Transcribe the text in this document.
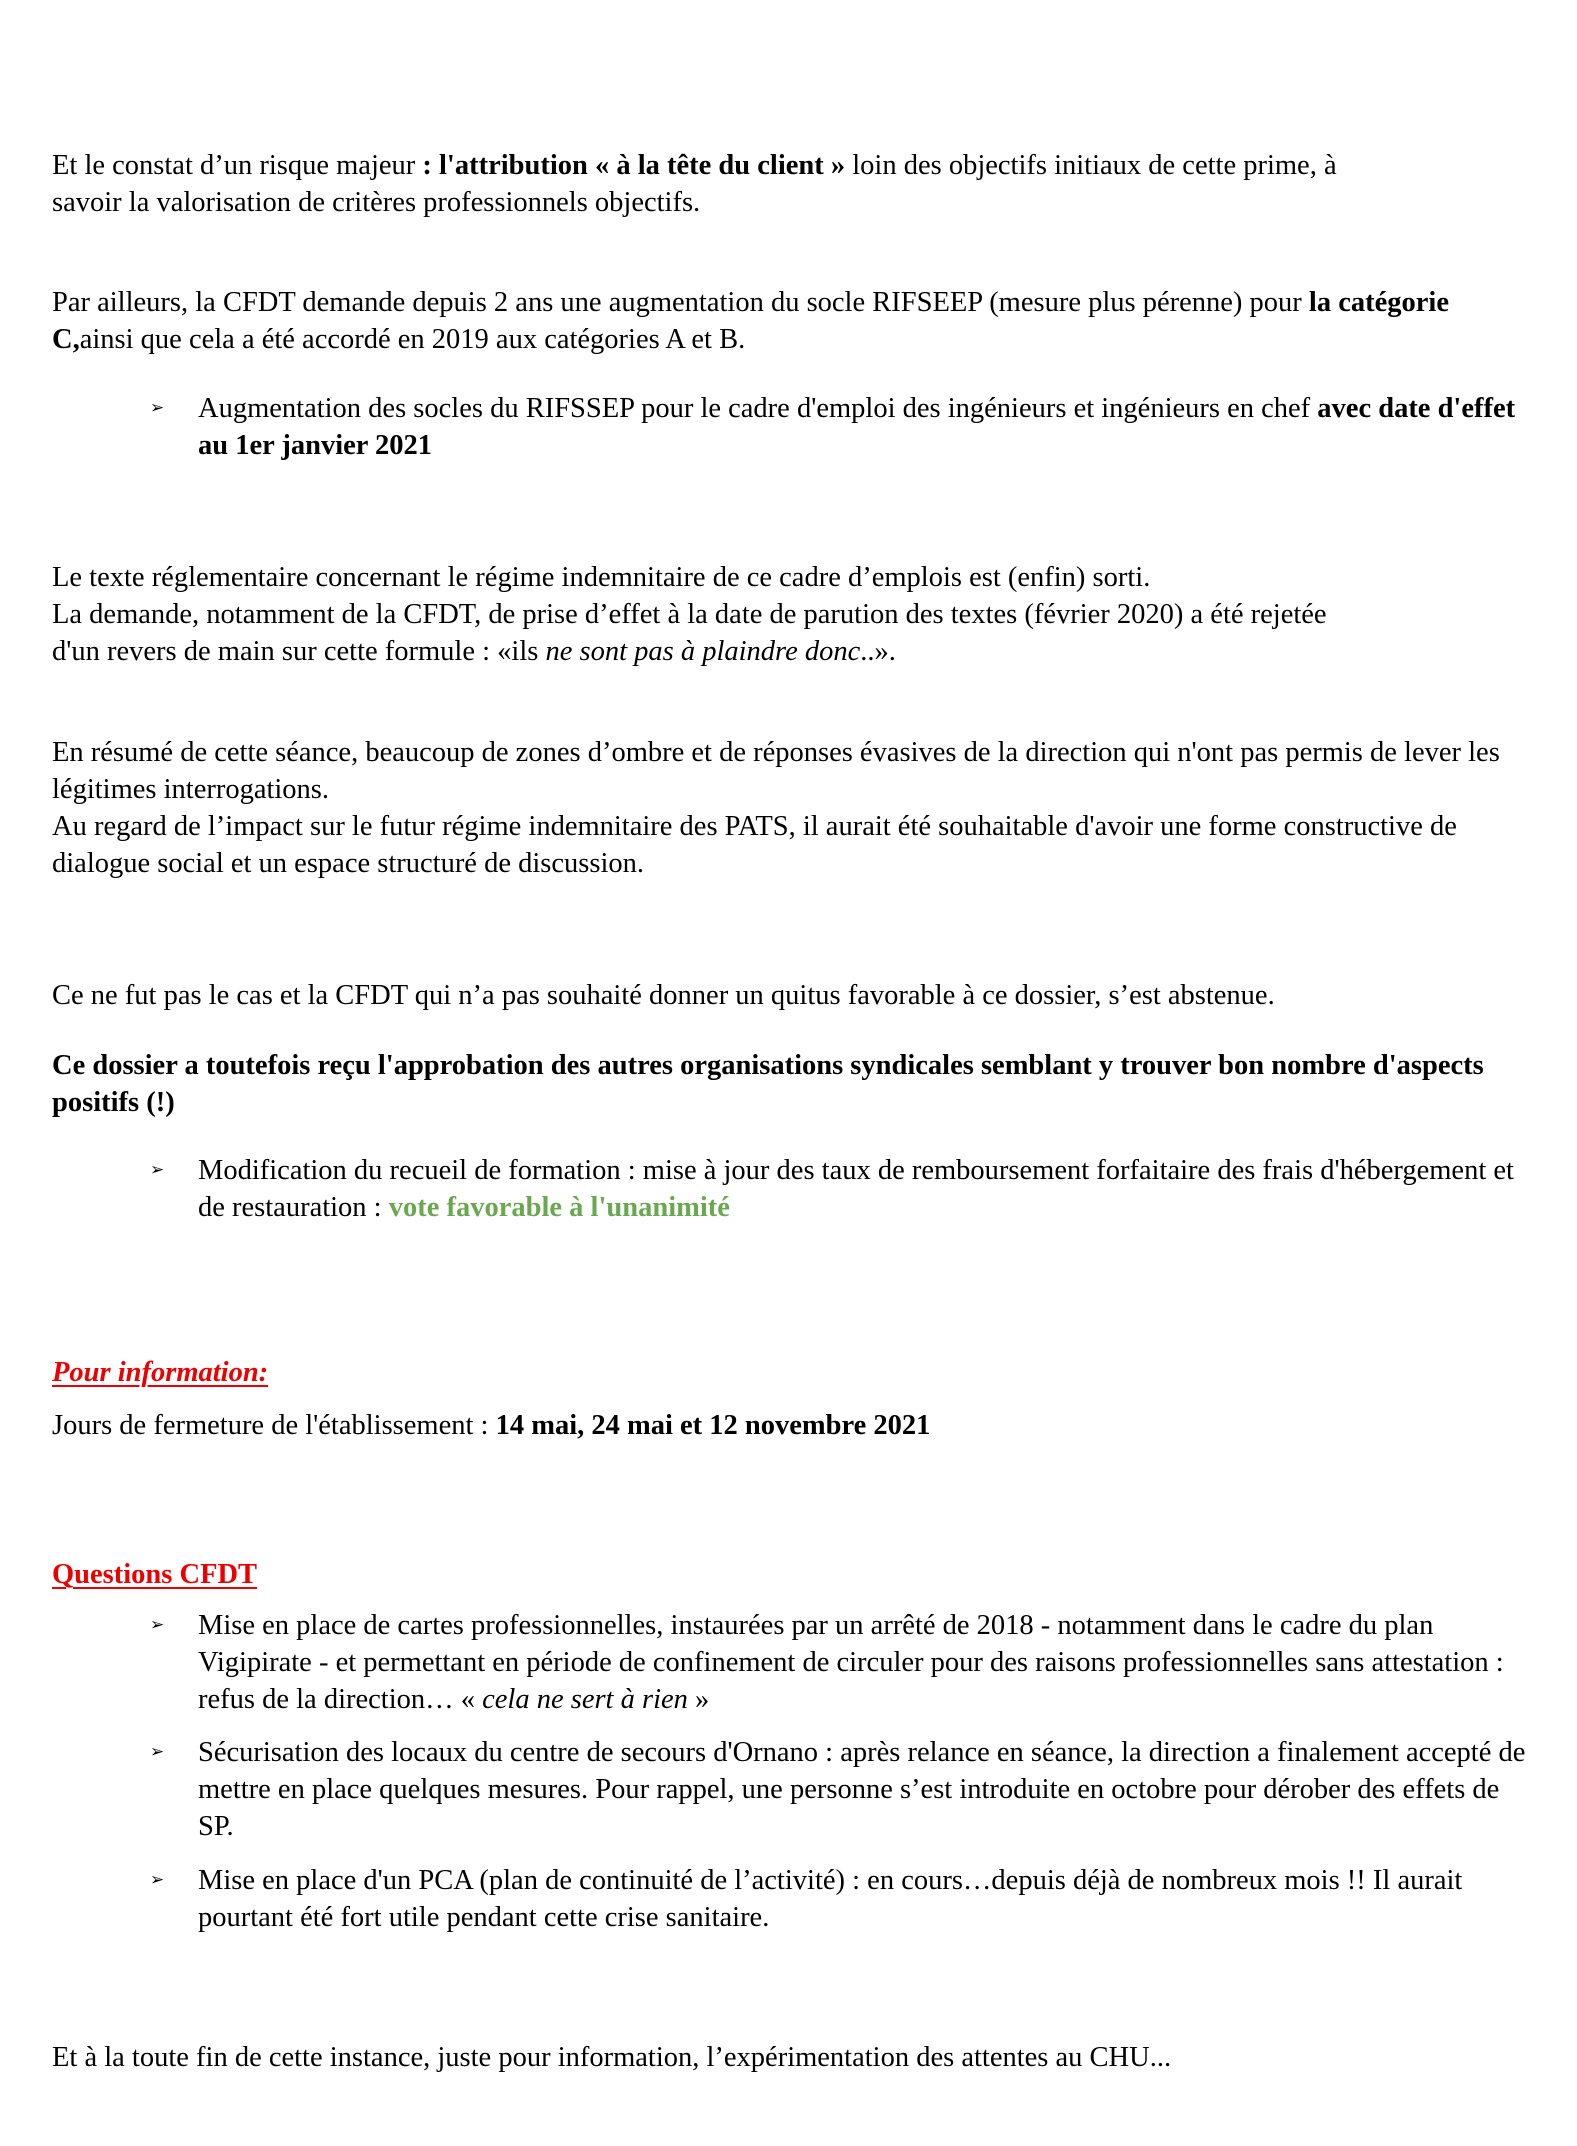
Et le constat d’un risque majeur : l'attribution « à la tête du client » loin des objectifs initiaux de cette prime, à
savoir la valorisation de critères professionnels objectifs.

Par ailleurs, la CFDT demande depuis 2 ans une augmentation du socle RIFSEEP (mesure plus pérenne) pour la catégorie C,ainsi que cela a été accordé en 2019 aux catégories A et B.

➢	Augmentation des socles du RIFSSEP pour le cadre d'emploi des ingénieurs et ingénieurs en chef avec date d'effet au 1er janvier 2021

Le texte réglementaire concernant le régime indemnitaire de ce cadre d’emplois est (enfin) sorti.
La demande, notamment de la CFDT, de prise d’effet à la date de parution des textes (février 2020) a été rejetée
d'un revers de main sur cette formule : «ils ne sont pas à plaindre donc..».

En résumé de cette séance, beaucoup de zones d’ombre et de réponses évasives de la direction qui n'ont pas permis de lever les légitimes interrogations.

Au regard de l’impact sur le futur régime indemnitaire des PATS, il aurait été souhaitable d'avoir une forme constructive de dialogue social et un espace structuré de discussion.

Ce ne fut pas le cas et la CFDT qui n’a pas souhaité donner un quitus favorable à ce dossier, s’est abstenue.

Ce dossier a toutefois reçu l'approbation des autres organisations syndicales semblant y trouver bon nombre d'aspects positifs (!)

➢	Modification du recueil de formation : mise à jour des taux de remboursement forfaitaire des frais d'hébergement et de restauration : vote favorable à l'unanimité

Pour information:

Jours de fermeture de l'établissement : 14 mai, 24 mai et 12 novembre 2021

Questions CFDT

➢	Mise en place de cartes professionnelles, instaurées par un arrêté de 2018 - notamment dans le cadre du plan Vigipirate - et permettant en période de confinement de circuler pour des raisons professionnelles sans attestation : refus de la direction… « cela ne sert à rien »
➢	Sécurisation des locaux du centre de secours d'Ornano : après relance en séance, la direction a finalement accepté de mettre en place quelques mesures. Pour rappel, une personne s’est introduite en octobre pour dérober des effets de SP.
➢	Mise en place d'un PCA (plan de continuité de l’activité) : en cours…depuis déjà de nombreux mois !! Il aurait pourtant été fort utile pendant cette crise sanitaire.

Et à la toute fin de cette instance, juste pour information, l’expérimentation des attentes au CHU...
